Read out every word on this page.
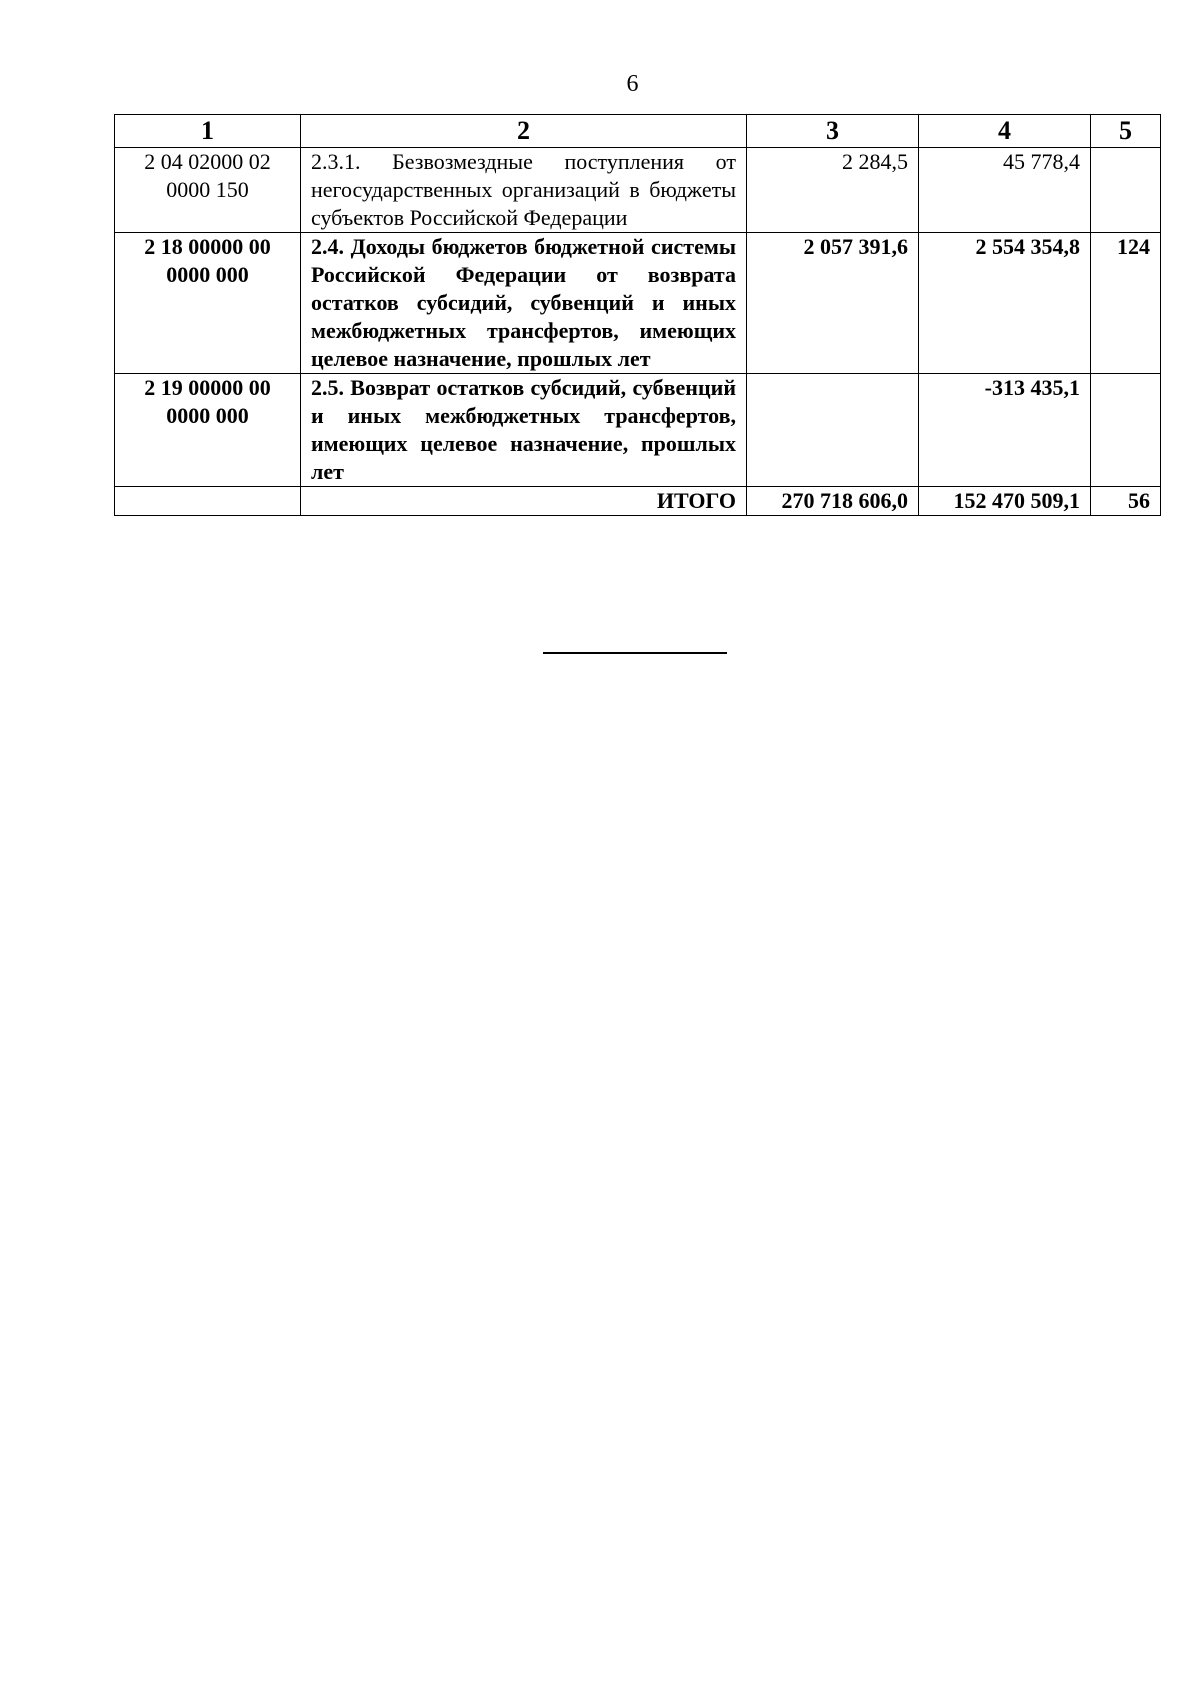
6
1	2	3	4	5
2 04 02000 02 0000 150	2.3.1. Безвозмездные поступления от негосударственных организаций в бюджеты субъектов Российской Федерации	2 284,5	45 778,4	
2 18 00000 00 0000 000	2.4. Доходы бюджетов бюджетной системы Российской Федерации от возврата остатков субсидий, субвенций и иных межбюджетных трансфертов, имеющих целевое назначение, прошлых лет	2 057 391,6	2 554 354,8	124
2 19 00000 00 0000 000	2.5. Возврат остатков субсидий, субвенций и иных межбюджетных трансфертов, имеющих целевое назначение, прошлых лет		-313 435,1	
	ИТОГО	270 718 606,0	152 470 509,1	56
